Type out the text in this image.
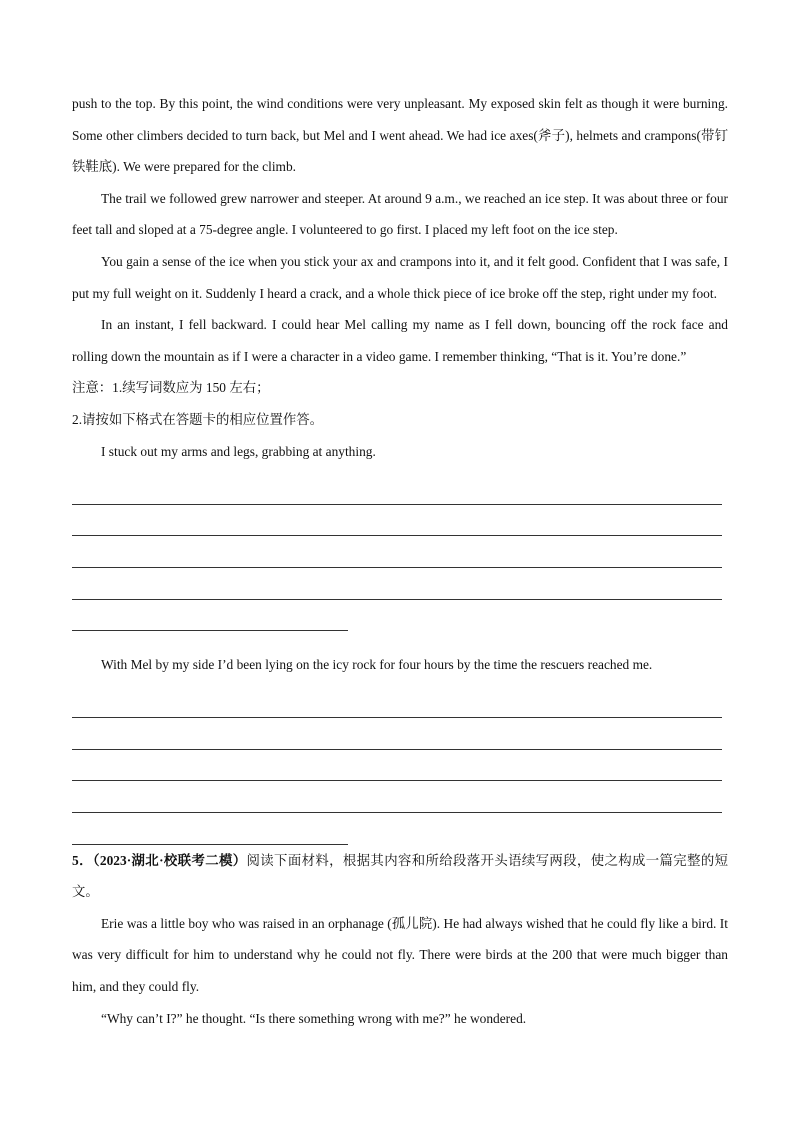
push to the top. By this point, the wind conditions were very unpleasant. My exposed skin felt as though it were burning. Some other climbers decided to turn back, but Mel and I went ahead. We had ice axes(斧子), helmets and crampons(带钉铁鞋底). We were prepared for the climb.

The trail we followed grew narrower and steeper. At around 9 a.m., we reached an ice step. It was about three or four feet tall and sloped at a 75-degree angle. I volunteered to go first. I placed my left foot on the ice step.

You gain a sense of the ice when you stick your ax and crampons into it, and it felt good. Confident that I was safe, I put my full weight on it. Suddenly I heard a crack, and a whole thick piece of ice broke off the step, right under my foot.

In an instant, I fell backward. I could hear Mel calling my name as I fell down, bouncing off the rock face and rolling down the mountain as if I were a character in a video game. I remember thinking, “That is it. You’re done.”

注意：1.续写词数应为 150 左右；

2.请按如下格式在答题卡的相应位置作答。

I stuck out my arms and legs, grabbing at anything.

With Mel by my side I’d been lying on the icy rock for four hours by the time the rescuers reached me.

5．（2023·湖北·校联考二模）阅读下面材料，根据其内容和所给段落开头语续写两段，使之构成一篇完整的短文。

Erie was a little boy who was raised in an orphanage (孤儿院). He had always wished that he could fly like a bird. It was very difficult for him to understand why he could not fly. There were birds at the 200 that were much bigger than him, and they could fly.

“Why can’t I?” he thought. “Is there something wrong with me?” he wondered.
